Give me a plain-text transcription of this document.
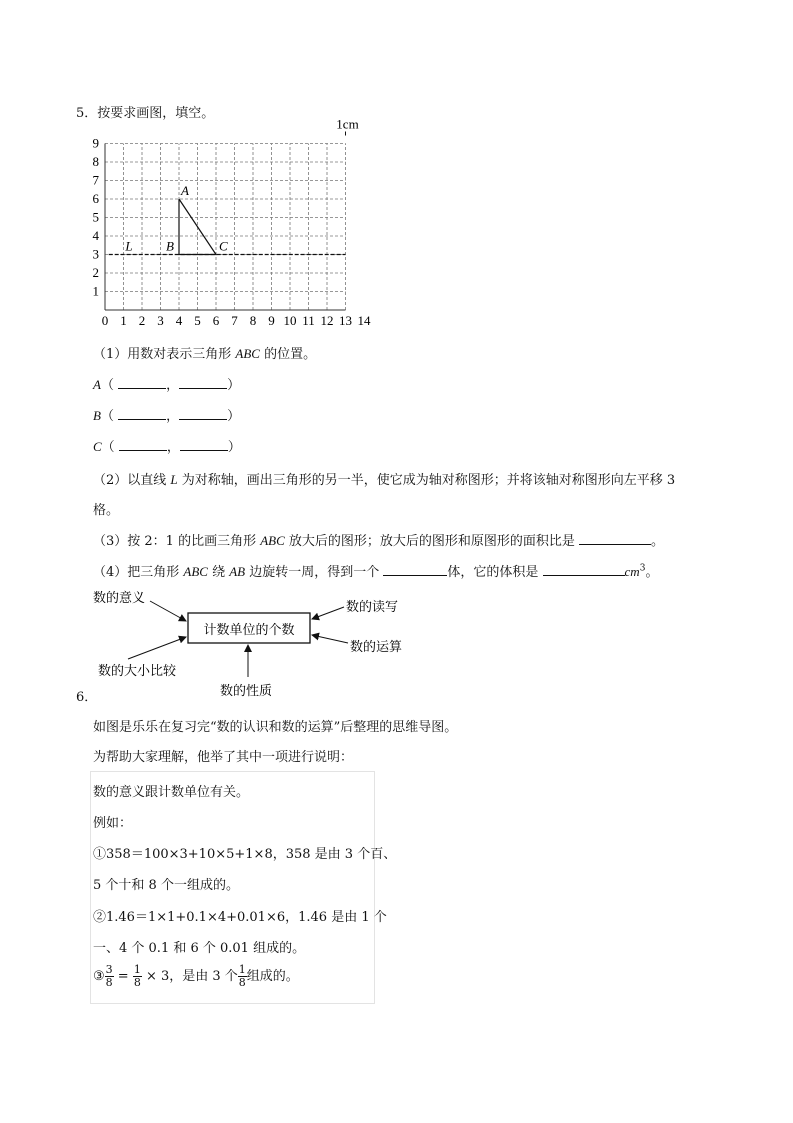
5．按要求画图，填空。
1cm
0 1 2 3 4 5 6 7 8 9 10 11 12 13 14
1
2
3
4
5
6
7
8
9
L
A
B	C
（1）用数对表示三角形 ABC 的位置。
A（	，	）
B（	，	）
C（	，	）
（2）以直线 L 为对称轴，画出三角形的另一半，使它成为轴对称图形；并将该轴对称图形向左平移 3
格。
（3）按 2：1 的比画三角形 ABC 放大后的图形；放大后的图形和原图形的面积比是	。
（4）把三角形 ABC 绕 AB 边旋转一周，得到一个	体，它的体积是	$cm^3$。
计数单位的个数
数的意义
数的读写
数的运算
数的大小比较
数的性质
6．
如图是乐乐在复习完“数的认识和数的运算”后整理的思维导图。
为帮助大家理解，他举了其中一项进行说明：
数的意义跟计数单位有关。
例如：
①358＝100×3+10×5+1×8，358 是由 3 个百、
5 个十和 8 个一组成的。
②1.46＝1×1+0.1×4+0.01×6，1.46 是由 1 个
一、4 个 0.1 和 6 个 0.01 组成的。
③ $\frac{3}{8} = \frac{1}{8} \times 3$，是由 3 个 $\frac{1}{8}$ 组成的。
